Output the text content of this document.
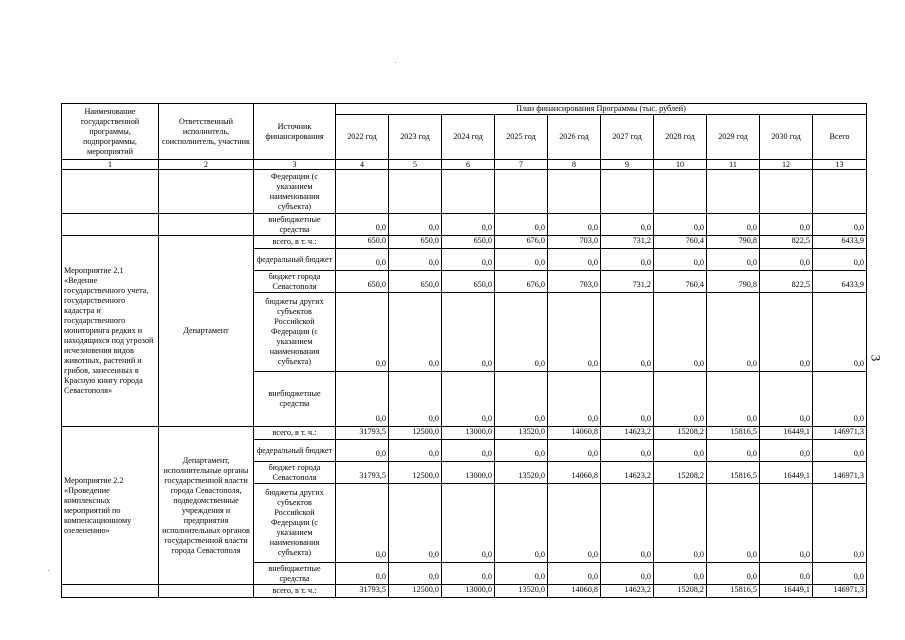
Наименование государственной программы, подпрограммы, мероприятий	Ответственный исполнитель, соисполнитель, участник	Источник финансирования	План финансирования Программы (тыс. рублей)									
			2022 год	2023 год	2024 год	2025 год	2026 год	2027 год	2028 год	2029 год	2030 год	Всего
1	2	3	4	5	6	7	8	9	10	11	12	13
		Федерации (с указанием наименования субъекта)										
		внебюджетные средства	0,0	0,0	0,0	0,0	0,0	0,0	0,0	0,0	0,0	0,0
Мероприятие 2.1 «Ведение государственного учета, государственного кадастра и государственного мониторинга редких и находящихся под угрозой исчезновения видов животных, растений и грибов, занесенных в Красную книгу города Севастополя»	Департамент	всего, в т. ч.:	650,0	650,0	650,0	676,0	703,0	731,2	760,4	790,8	822,5	6433,9
		федеральный бюджет	0,0	0,0	0,0	0,0	0,0	0,0	0,0	0,0	0,0	0,0
		бюджет города Севастополя	650,0	650,0	650,0	676,0	703,0	731,2	760,4	790,8	822,5	6433,9
		бюджеты других субъектов Российской Федерации (с указанием наименования субъекта)	0,0	0,0	0,0	0,0	0,0	0,0	0,0	0,0	0,0	0,0
		внебюджетные средства	0,0	0,0	0,0	0,0	0,0	0,0	0,0	0,0	0,0	0,0
Мероприятие 2.2 «Проведение комплексных мероприятий по компенсационному озеленению»	Департамент, исполнительные органы государственной власти города Севастополя, подведомственные учреждения и предприятия исполнительных органов государственной власти города Севастополя	всего, в т. ч.:	31793,5	12500,0	13000,0	13520,0	14060,8	14623,2	15208,2	15816,5	16449,1	146971,3
		федеральный бюджет	0,0	0,0	0,0	0,0	0,0	0,0	0,0	0,0	0,0	0,0
		бюджет города Севастополя	31793,5	12500,0	13000,0	13520,0	14060,8	14623,2	15208,2	15816,5	16449,1	146971,3
		бюджеты других субъектов Российской Федерации (с указанием наименования субъекта)	0,0	0,0	0,0	0,0	0,0	0,0	0,0	0,0	0,0	0,0
		внебюджетные средства	0,0	0,0	0,0	0,0	0,0	0,0	0,0	0,0	0,0	0,0
		всего, в т. ч.:	31793,5	12500,0	13000,0	13520,0	14060,8	14623,2	15208,2	15816,5	16449,1	146971,3
3
